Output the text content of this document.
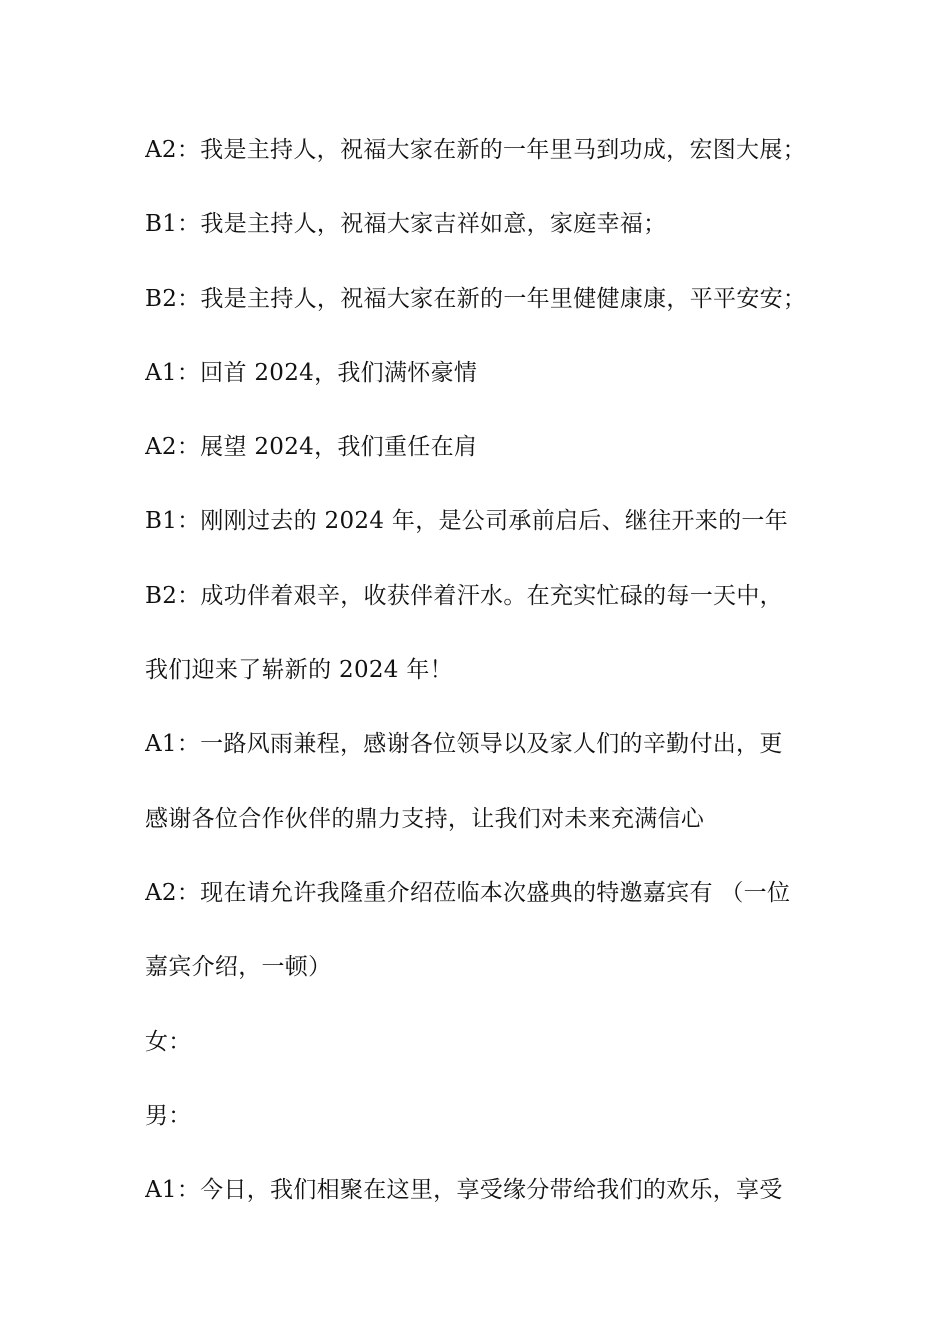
A2：我是主持人，祝福大家在新的一年里马到功成，宏图大展；
B1：我是主持人，祝福大家吉祥如意，家庭幸福；
B2：我是主持人，祝福大家在新的一年里健健康康，平平安安；
A1：回首 2024，我们满怀豪情
A2：展望 2024，我们重任在肩
B1：刚刚过去的 2024 年，是公司承前启后、继往开来的一年
B2：成功伴着艰辛，收获伴着汗水。在充实忙碌的每一天中，
我们迎来了崭新的 2024 年！
A1：一路风雨兼程，感谢各位领导以及家人们的辛勤付出，更
感谢各位合作伙伴的鼎力支持，让我们对未来充满信心
A2：现在请允许我隆重介绍莅临本次盛典的特邀嘉宾有 （一位
嘉宾介绍，一顿）
女：
男：
A1：今日，我们相聚在这里，享受缘分带给我们的欢乐，享受
